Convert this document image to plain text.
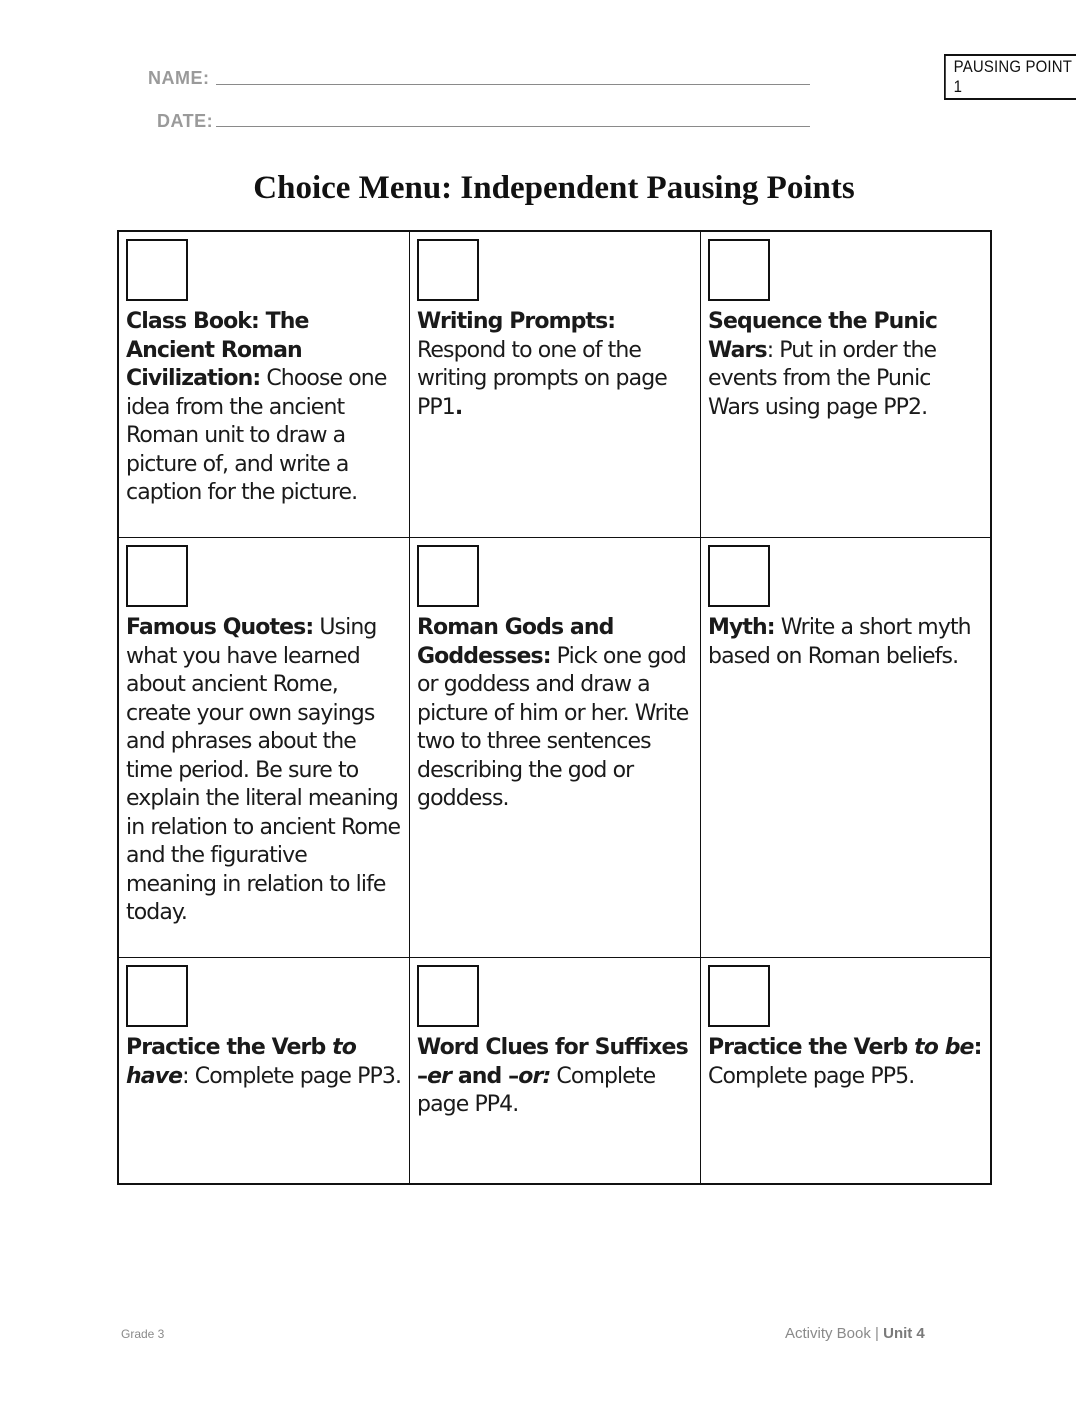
NAME:
DATE:
PAUSING POINT 1
Choice Menu: Independent Pausing Points
Class Book: The Ancient Roman Civilization: Choose one idea from the ancient Roman unit to draw a picture of, and write a caption for the picture.
Writing Prompts: Respond to one of the writing prompts on page PP1.
Sequence the Punic Wars: Put in order the events from the Punic Wars using page PP2.
Famous Quotes: Using what you have learned about ancient Rome, create your own sayings and phrases about the time period. Be sure to explain the literal meaning in relation to ancient Rome and the figurative meaning in relation to life today.
Roman Gods and Goddesses: Pick one god or goddess and draw a picture of him or her. Write two to three sentences describing the god or goddess.
Myth: Write a short myth based on Roman beliefs.
Practice the Verb to have: Complete page PP3.
Word Clues for Suffixes –er and –or: Complete page PP4.
Practice the Verb to be: Complete page PP5.
Grade 3	Activity Book | Unit 4
